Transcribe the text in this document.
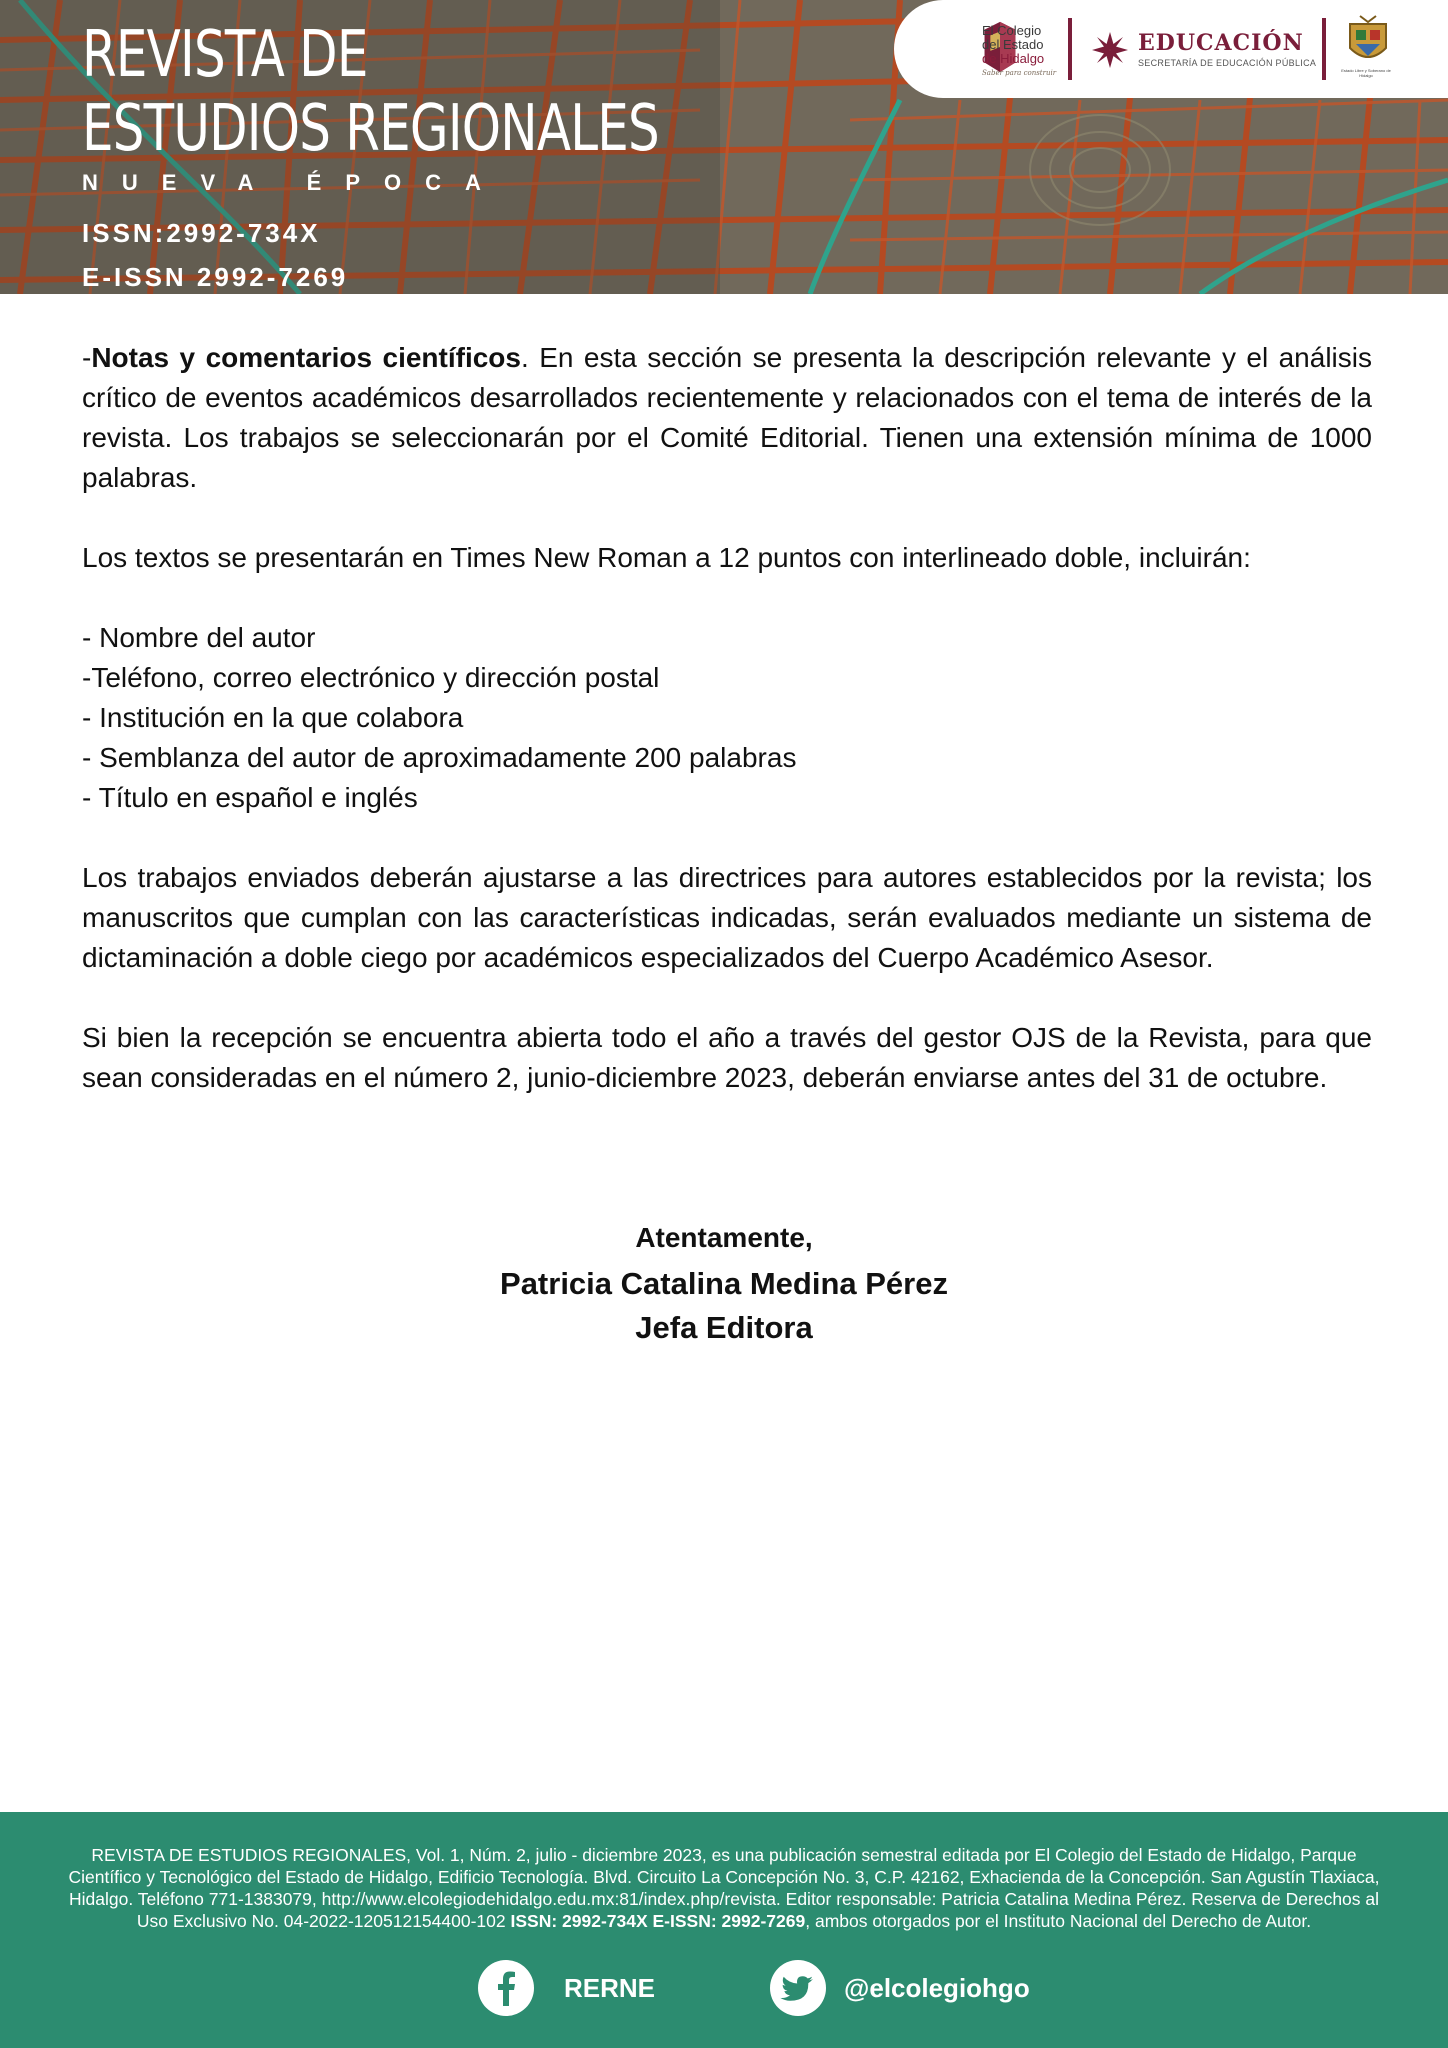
REVISTA DE
ESTUDIOS REGIONALES
NUEVA ÉPOCA
ISSN:2992-734X
E-ISSN 2992-7269
El Colegio
del Estado
de Hidalgo
Saber para construir
EDUCACIÓN
SECRETARÍA DE EDUCACIÓN PÚBLICA
Estado Libre y Soberano de Hidalgo

-Notas y comentarios científicos. En esta sección se presenta la descripción relevante y el análisis crítico de eventos académicos desarrollados recientemente y relacionados con el tema de interés de la revista. Los trabajos se seleccionarán por el Comité Editorial. Tienen una extensión mínima de 1000 palabras.

Los textos se presentarán en Times New Roman a 12 puntos con interlineado doble, incluirán:

- Nombre del autor
-Teléfono, correo electrónico y dirección postal
- Institución en la que colabora
- Semblanza del autor de aproximadamente 200 palabras
- Título en español e inglés

Los trabajos enviados deberán ajustarse a las directrices para autores establecidos por la revista; los manuscritos que cumplan con las características indicadas, serán evaluados mediante un sistema de dictaminación a doble ciego por académicos especializados del Cuerpo Académico Asesor.

Si bien la recepción se encuentra abierta todo el año a través del gestor OJS de la Revista, para que sean consideradas en el número 2, junio-diciembre 2023, deberán enviarse antes del 31 de octubre.

Atentamente,
Patricia Catalina Medina Pérez
Jefa Editora
REVISTA DE ESTUDIOS REGIONALES, Vol. 1, Núm. 2, julio - diciembre 2023, es una publicación semestral editada por El Colegio del Estado de Hidalgo, Parque Científico y Tecnológico del Estado de Hidalgo, Edificio Tecnología. Blvd. Circuito La Concepción No. 3, C.P. 42162, Exhacienda de la Concepción. San Agustín Tlaxiaca, Hidalgo. Teléfono 771-1383079, http://www.elcolegiodehidalgo.edu.mx:81/index.php/revista. Editor responsable: Patricia Catalina Medina Pérez. Reserva de Derechos al Uso Exclusivo No. 04-2022-120512154400-102 ISSN: 2992-734X E-ISSN: 2992-7269, ambos otorgados por el Instituto Nacional del Derecho de Autor.
RERNE	@elcolegiohgo
